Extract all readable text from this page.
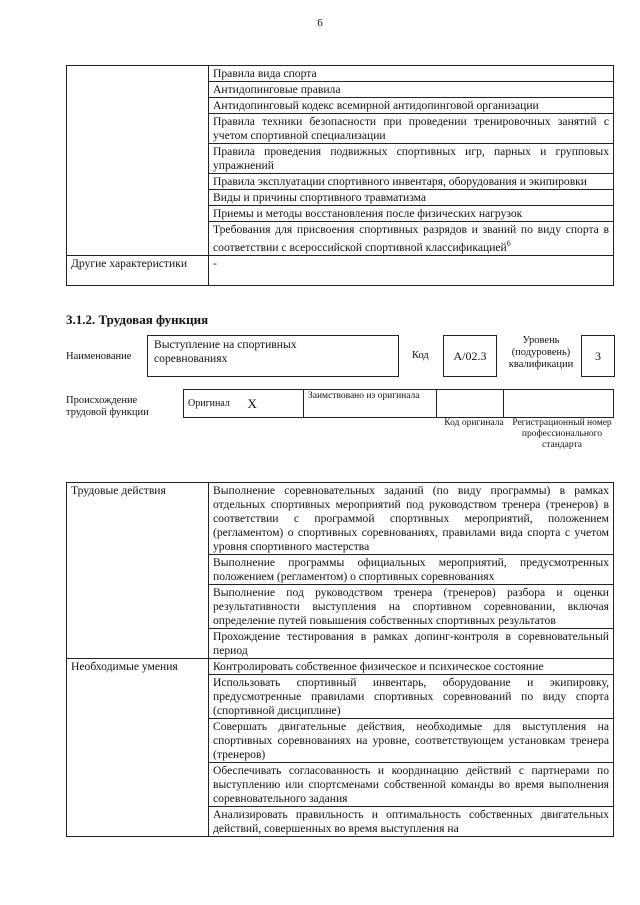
6
	Правила вида спорта
	Антидопинговые правила
	Антидопинговый кодекс всемирной антидопинговой организации
	Правила техники безопасности при проведении тренировочных занятий с учетом спортивной специализации
	Правила проведения подвижных спортивных игр, парных и групповых упражнений
	Правила эксплуатации спортивного инвентаря, оборудования и экипировки
	Виды и причины спортивного травматизма
	Приемы и методы восстановления после физических нагрузок
	Требования для присвоения спортивных разрядов и званий по виду спорта в соответствии с всероссийской спортивной классификацией$^6$
Другие характеристики	-
3.1.2. Трудовая функция
Наименование
Выступление на спортивных соревнованиях	Код	А/02.3
Уровень (подуровень) квалификации
3
Происхождение трудовой функции
Оригинал	X	Заимствовано из оригинала		
Код оригинала Регистрационный номер профессионального стандарта
Трудовые действия	Выполнение соревновательных заданий (по виду программы) в рамках отдельных спортивных мероприятий под руководством тренера (тренеров) в соответствии с программой спортивных мероприятий, положением (регламентом) о спортивных соревнованиях, правилами вида спорта с учетом уровня спортивного мастерства
	Выполнение программы официальных мероприятий, предусмотренных положением (регламентом) о спортивных соревнованиях
	Выполнение под руководством тренера (тренеров) разбора и оценки результативности выступления на спортивном соревновании, включая определение путей повышения собственных спортивных результатов
	Прохождение тестирования в рамках допинг-контроля в соревновательный период
Необходимые умения	Контролировать собственное физическое и психическое состояние
	Использовать спортивный инвентарь, оборудование и экипировку, предусмотренные правилами спортивных соревнований по виду спорта (спортивной дисциплине)
	Совершать двигательные действия, необходимые для выступления на спортивных соревнованиях на уровне, соответствующем установкам тренера (тренеров)
	Обеспечивать согласованность и координацию действий с партнерами по выступлению или спортсменами собственной команды во время выполнения соревновательного задания
	Анализировать правильность и оптимальность собственных двигательных действий, совершенных во время выступления на
